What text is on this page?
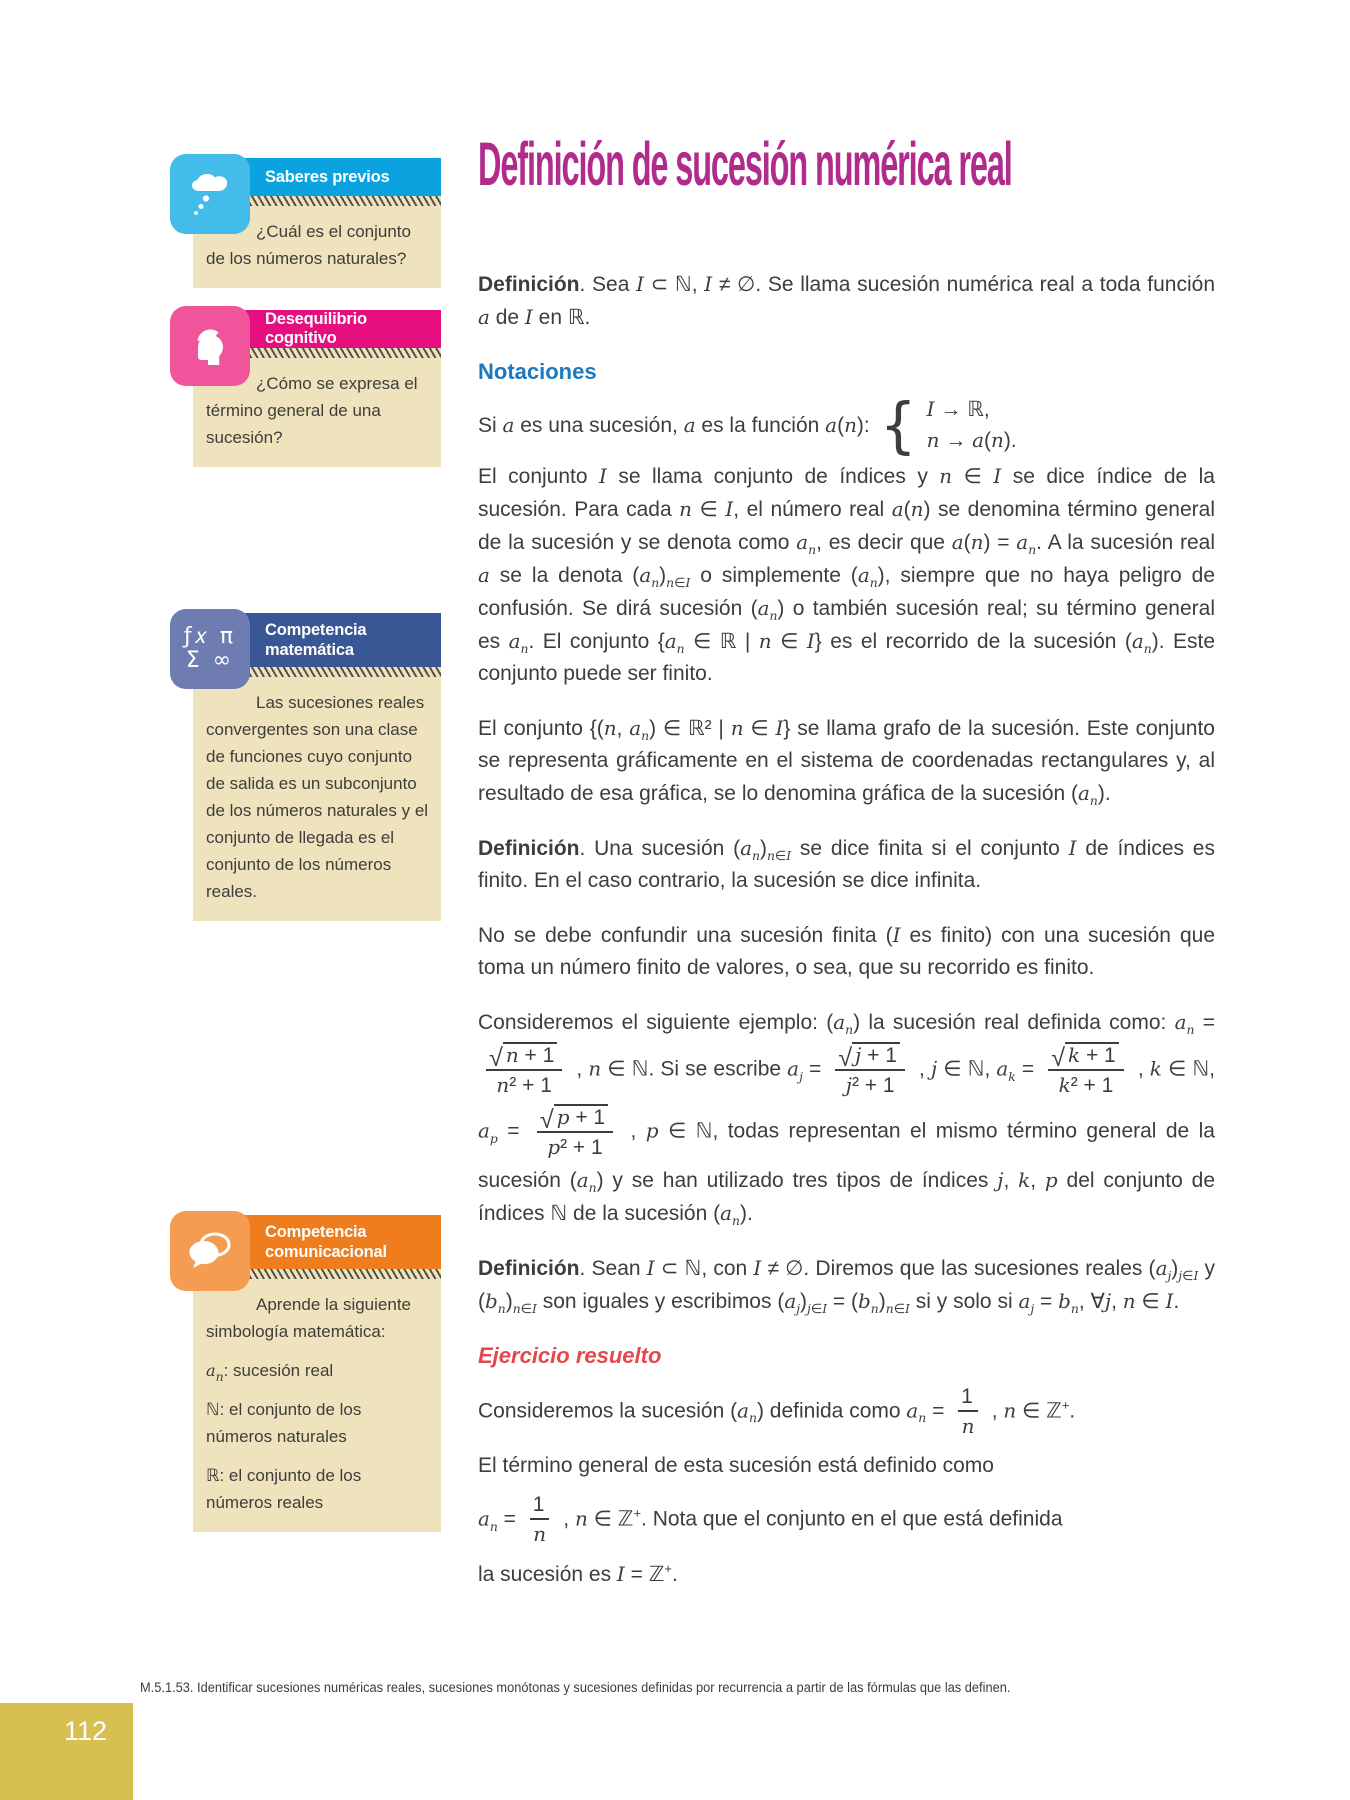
Saberes previos

¿Cuál es el conjunto de los números naturales?

Desequilibrio cognitivo

¿Cómo se expresa el término general de una sucesión?

ƒ𝑥 π
Σ ∞
Competencia matemática

Las sucesiones reales convergentes son una clase de funciones cuyo conjunto de salida es un subconjunto de los números naturales y el conjunto de llegada es el conjunto de los números reales.

Competencia comunicacional

Aprende la siguiente simbología matemática:

$a_n$: sucesión real

ℕ: el conjunto de los números naturales

ℝ: el conjunto de los números reales

Definición de sucesión numérica real

Definición. Sea I ⊂ ℕ, I ≠ ∅. Se llama sucesión numérica real a toda función a de I en ℝ.

Notaciones
Si a es una sucesión, a es la función a(n): { I → ℝ,
n → a(n).

El conjunto I se llama conjunto de índices y n ∈ I se dice índice de la sucesión. Para cada n ∈ I, el número real a(n) se denomina término general de la sucesión y se denota como $a_n$, es decir que $a(n) = a_n$. A la sucesión real a se la denota $(a_n)_{n\in I}$ o simplemente $(a_n)$, siempre que no haya peligro de confusión. Se dirá sucesión $(a_n)$ o también sucesión real; su término general es $a_n$. El conjunto {$a_n$ ∈ ℝ | n ∈ I} es el recorrido de la sucesión $(a_n)$. Este conjunto puede ser finito.

El conjunto {(n, $a_n$) ∈ ℝ² | n ∈ I} se llama grafo de la sucesión. Este conjunto se representa gráficamente en el sistema de coordenadas rectangulares y, al resultado de esa gráfica, se lo denomina gráfica de la sucesión $(a_n)$.

Definición. Una sucesión $(a_n)_{n\in I}$ se dice finita si el conjunto I de índices es finito. En el caso contrario, la sucesión se dice infinita.

No se debe confundir una sucesión finita (I es finito) con una sucesión que toma un número finito de valores, o sea, que su recorrido es finito.

Consideremos el siguiente ejemplo: $(a_n)$ la sucesión real definida como: $a_n$ =
$\frac{√ n + 1}{\text{n² + 1}}$ , n ∈ ℕ. Si se escribe $a_j = \frac{√ j + 1}{\text{j² + 1}}$ , j ∈ ℕ, $a_k = \frac{√ k + 1}{\text{k² + 1}}$ , k ∈ ℕ, $a_p = \frac{√ p + 1}{\text{p² + 1}}$ , p ∈ ℕ, todas representan el mismo término general de la sucesión $(a_n)$ y se han utilizado tres tipos de índices j, k, p del conjunto de índices ℕ de la sucesión $(a_n)$.

Definición. Sean I ⊂ ℕ, con I ≠ ∅. Diremos que las sucesiones reales $(a_j)_{j\in I}$ y $(b_n)_{n\in I}$ son iguales y escribimos $(a_j)_{j\in I} = (b_n)_{n\in I}$ si y solo si $a_j = b_n$, ∀j, n ∈ I.

Ejercicio resuelto

Consideremos la sucesión $(a_n)$ definida como $a_n = \frac{1}{n}$ , n ∈ ℤ+.

El término general de esta sucesión está definido como

$a_n = \frac{1}{n}$ , n ∈ ℤ+. Nota que el conjunto en el que está definida

la sucesión es I = ℤ+.

M.5.1.53. Identificar sucesiones numéricas reales, sucesiones monótonas y sucesiones definidas por recurrencia a partir de las fórmulas que las definen.
112
